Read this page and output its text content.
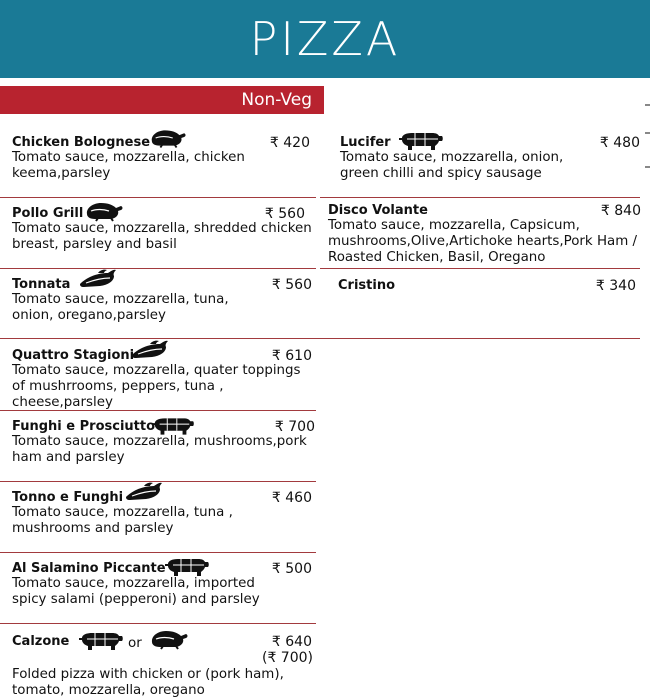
PIZZA
Non-Veg
Chicken Bolognese	₹ 420
Tomato sauce, mozzarella, chicken keema,parsley
Pollo Grill	₹ 560
Tomato sauce, mozzarella, shredded chicken breast, parsley and basil
Tonnata	₹ 560
Tomato sauce, mozzarella, tuna, onion, oregano,parsley
Quattro Stagioni	₹ 610
Tomato sauce, mozzarella, quater toppings of mushrrooms, peppers, tuna , cheese,parsley
Funghi e Prosciutto	₹ 700
Tomato sauce, mozzarella, mushrooms,pork ham and parsley
Tonno e Funghi	₹ 460
Tomato sauce, mozzarella, tuna , mushrooms and parsley
Al Salamino Piccante	₹ 500
Tomato sauce, mozzarella, imported spicy salami (pepperoni) and parsley
Calzone	or	₹ 640
(₹ 700)
Folded pizza with chicken or (pork ham), tomato, mozzarella, oregano
Lucifer	₹ 480
Tomato sauce, mozzarella, onion, green chilli and spicy sausage
Disco Volante	₹ 840
Tomato sauce, mozzarella, Capsicum, mushrooms,Olive,Artichoke hearts,Pork Ham / Roasted Chicken, Basil, Oregano
Cristino	₹ 340
